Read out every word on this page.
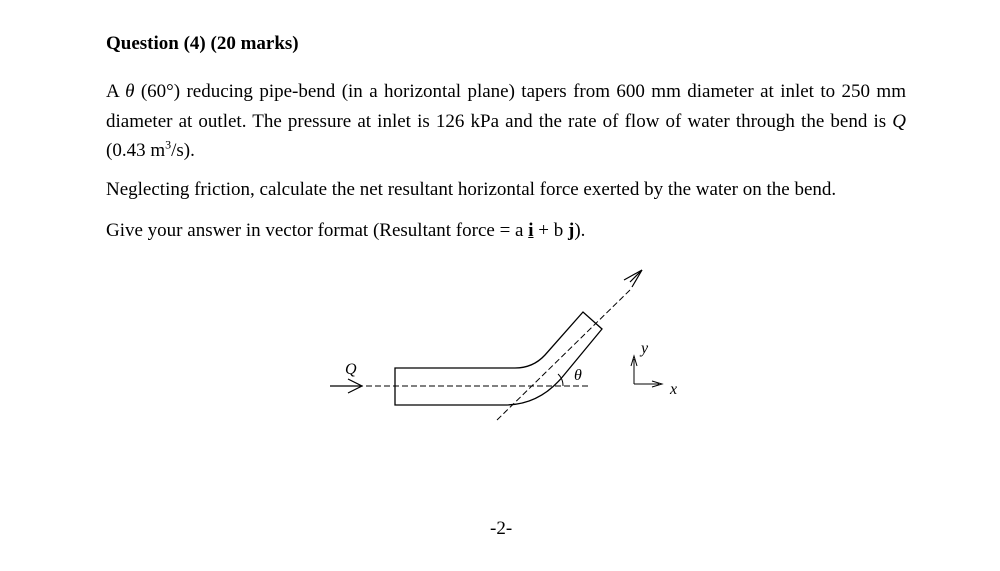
Question (4) (20 marks)
A θ (60°) reducing pipe-bend (in a horizontal plane) tapers from 600 mm diameter at inlet to 250 mm diameter at outlet. The pressure at inlet is 126 kPa and the rate of flow of water through the bend is Q (0.43 $m^3/s$).
Neglecting friction, calculate the net resultant horizontal force exerted by the water on the bend.
Give your answer in vector format (Resultant force = a i + b j).
Q	θ
y
x
-2-
